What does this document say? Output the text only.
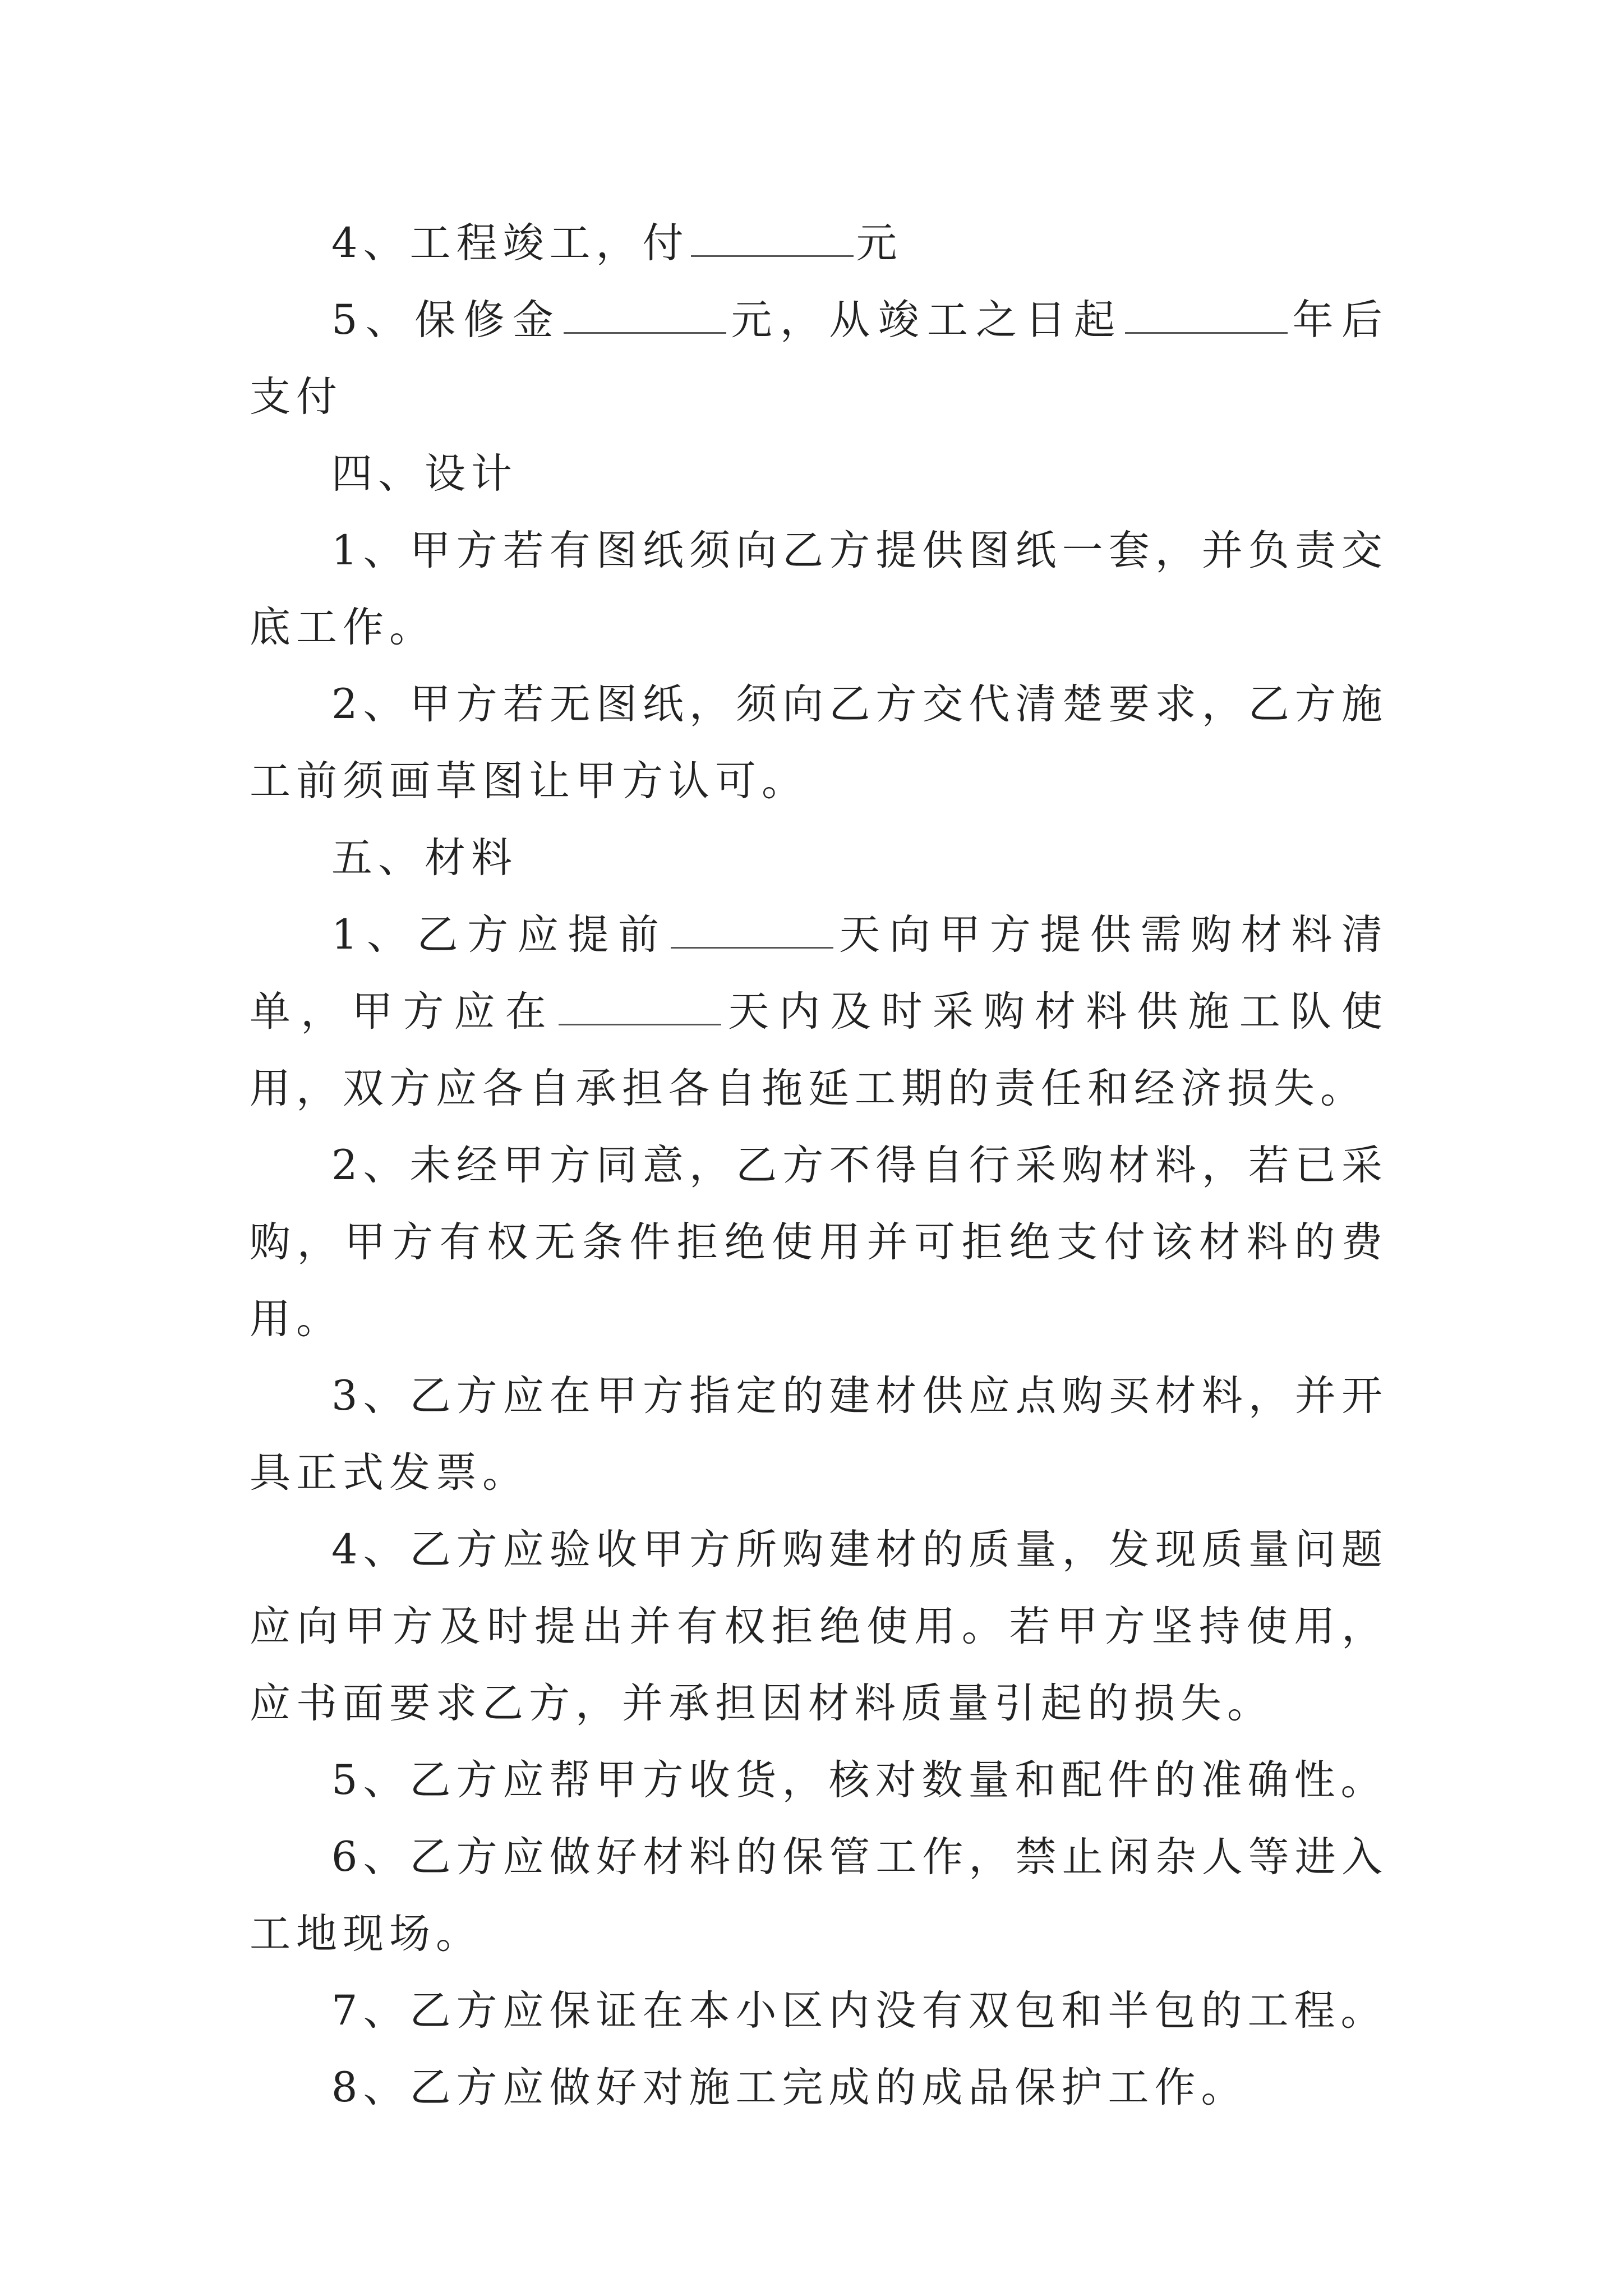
4、工程竣工，付	元

5、保修金	元，从竣工之日起	年后支付

四、设计

1、甲方若有图纸须向乙方提供图纸一套，并负责交底工作。

2、甲方若无图纸，须向乙方交代清楚要求，乙方施工前须画草图让甲方认可。

五、材料

1、乙方应提前	天向甲方提供需购材料清单，甲方应在	天内及时采购材料供施工队使用，双方应各自承担各自拖延工期的责任和经济损失。

2、未经甲方同意，乙方不得自行采购材料，若已采购，甲方有权无条件拒绝使用并可拒绝支付该材料的费用。

3、乙方应在甲方指定的建材供应点购买材料，并开具正式发票。

4、乙方应验收甲方所购建材的质量，发现质量问题应向甲方及时提出并有权拒绝使用。若甲方坚持使用，应书面要求乙方，并承担因材料质量引起的损失。

5、乙方应帮甲方收货，核对数量和配件的准确性。

6、乙方应做好材料的保管工作，禁止闲杂人等进入工地现场。

7、乙方应保证在本小区内没有双包和半包的工程。

8、乙方应做好对施工完成的成品保护工作。
